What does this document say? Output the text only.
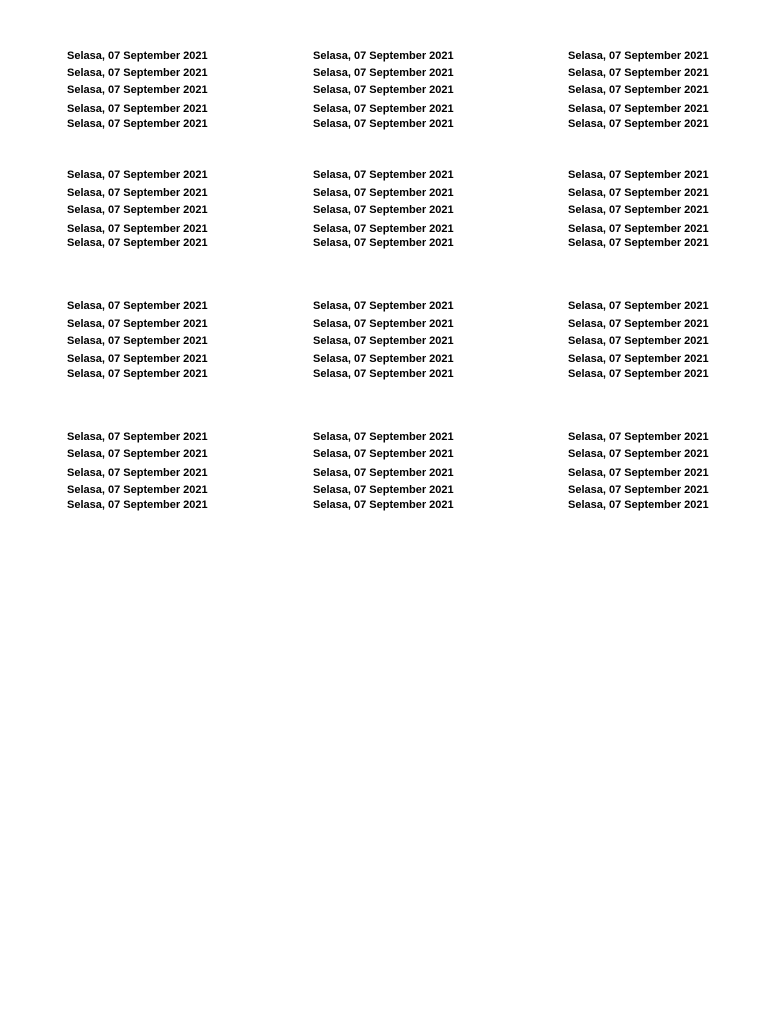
Selasa, 07 September 2021
Selasa, 07 September 2021
Selasa, 07 September 2021
Selasa, 07 September 2021
Selasa, 07 September 2021
Selasa, 07 September 2021
Selasa, 07 September 2021
Selasa, 07 September 2021
Selasa, 07 September 2021
Selasa, 07 September 2021
Selasa, 07 September 2021
Selasa, 07 September 2021
Selasa, 07 September 2021
Selasa, 07 September 2021
Selasa, 07 September 2021
Selasa, 07 September 2021
Selasa, 07 September 2021
Selasa, 07 September 2021
Selasa, 07 September 2021
Selasa, 07 September 2021
Selasa, 07 September 2021
Selasa, 07 September 2021
Selasa, 07 September 2021
Selasa, 07 September 2021
Selasa, 07 September 2021
Selasa, 07 September 2021
Selasa, 07 September 2021
Selasa, 07 September 2021
Selasa, 07 September 2021
Selasa, 07 September 2021
Selasa, 07 September 2021
Selasa, 07 September 2021
Selasa, 07 September 2021
Selasa, 07 September 2021
Selasa, 07 September 2021
Selasa, 07 September 2021
Selasa, 07 September 2021
Selasa, 07 September 2021
Selasa, 07 September 2021
Selasa, 07 September 2021
Selasa, 07 September 2021
Selasa, 07 September 2021
Selasa, 07 September 2021
Selasa, 07 September 2021
Selasa, 07 September 2021
Selasa, 07 September 2021
Selasa, 07 September 2021
Selasa, 07 September 2021
Selasa, 07 September 2021
Selasa, 07 September 2021
Selasa, 07 September 2021
Selasa, 07 September 2021
Selasa, 07 September 2021
Selasa, 07 September 2021
Selasa, 07 September 2021
Selasa, 07 September 2021
Selasa, 07 September 2021
Selasa, 07 September 2021
Selasa, 07 September 2021
Selasa, 07 September 2021
